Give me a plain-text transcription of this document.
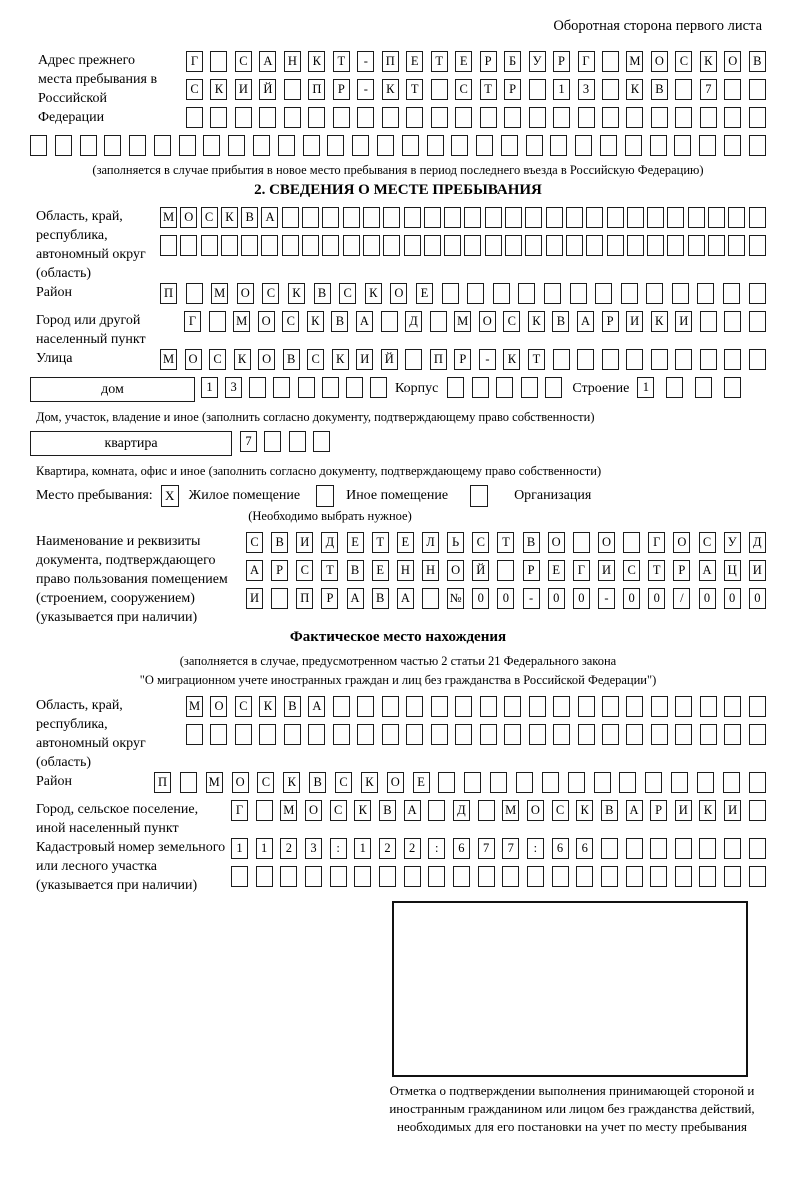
Оборотная сторона первого листа
Адрес прежнего места пребывания в Российской Федерации
Г	С	А	Н	К	Т	-	П	Е	Т	Е	Р	Б	У	Р	Г	М	О	С	К	О	В
С	К	И	Й	П	Р	-	К	Т	С	Т	Р	1	3	К	В	7
(заполняется в случае прибытия в новое место пребывания в период последнего въезда в Российскую Федерацию)
2. СВЕДЕНИЯ О МЕСТЕ ПРЕБЫВАНИЯ
Область, край, республика, автономный округ (область)
М О С К В А
Район	П	М	О	С	К	В	С	К	О	Е
Город или другой населенный пункт
Г	М	О	С	К	В	А	Д	М	О	С	К	В	А	Р	И	К	И
Улица	М	О	С	К	О	В	С	К	И	Й	П	Р	-	К	Т
дом	1	3	Корпус	Строение	1
Дом, участок, владение и иное (заполнить согласно документу, подтверждающему право собственности)
квартира	7
Квартира, комната, офис и иное (заполнить согласно документу, подтверждающему право собственности)
Место пребывания: X	Жилое помещение	Иное помещение	Организация
(Необходимо выбрать нужное)
Наименование и реквизиты документа, подтверждающего право пользования помещением (строением, сооружением) (указывается при наличии)
С	В	И	Д	Е	Т	Е	Л	Ь	С	Т	В	О	О	Г	О	С	У	Д
А	Р	С	Т	В	Е	Н	Н	О	Й	Р	Е	Г	И	С	Т	Р	А	Ц	И
И	П	Р	А	В	А	№	0	0	-	0	0	-	0	0	/	0	0	0
Фактическое место нахождения
(заполняется в случае, предусмотренном частью 2 статьи 21 Федерального закона
"О миграционном учете иностранных граждан и лиц без гражданства в Российской Федерации")
Область, край, республика, автономный округ (область)
М	О	С	К	В	А
Район	П	М	О	С	К	В	С	К	О	Е
Город, сельское поселение, иной населенный пункт
Г	М	О	С	К	В	А	Д	М	О	С	К	В	А	Р	И	К	И
Кадастровый номер земельного или лесного участка (указывается при наличии)
1	1	2	3	:	1	2	2	:	6	7	7	:	6	6
Отметка о подтверждении выполнения принимающей стороной и иностранным гражданином или лицом без гражданства действий, необходимых для его постановки на учет по месту пребывания
